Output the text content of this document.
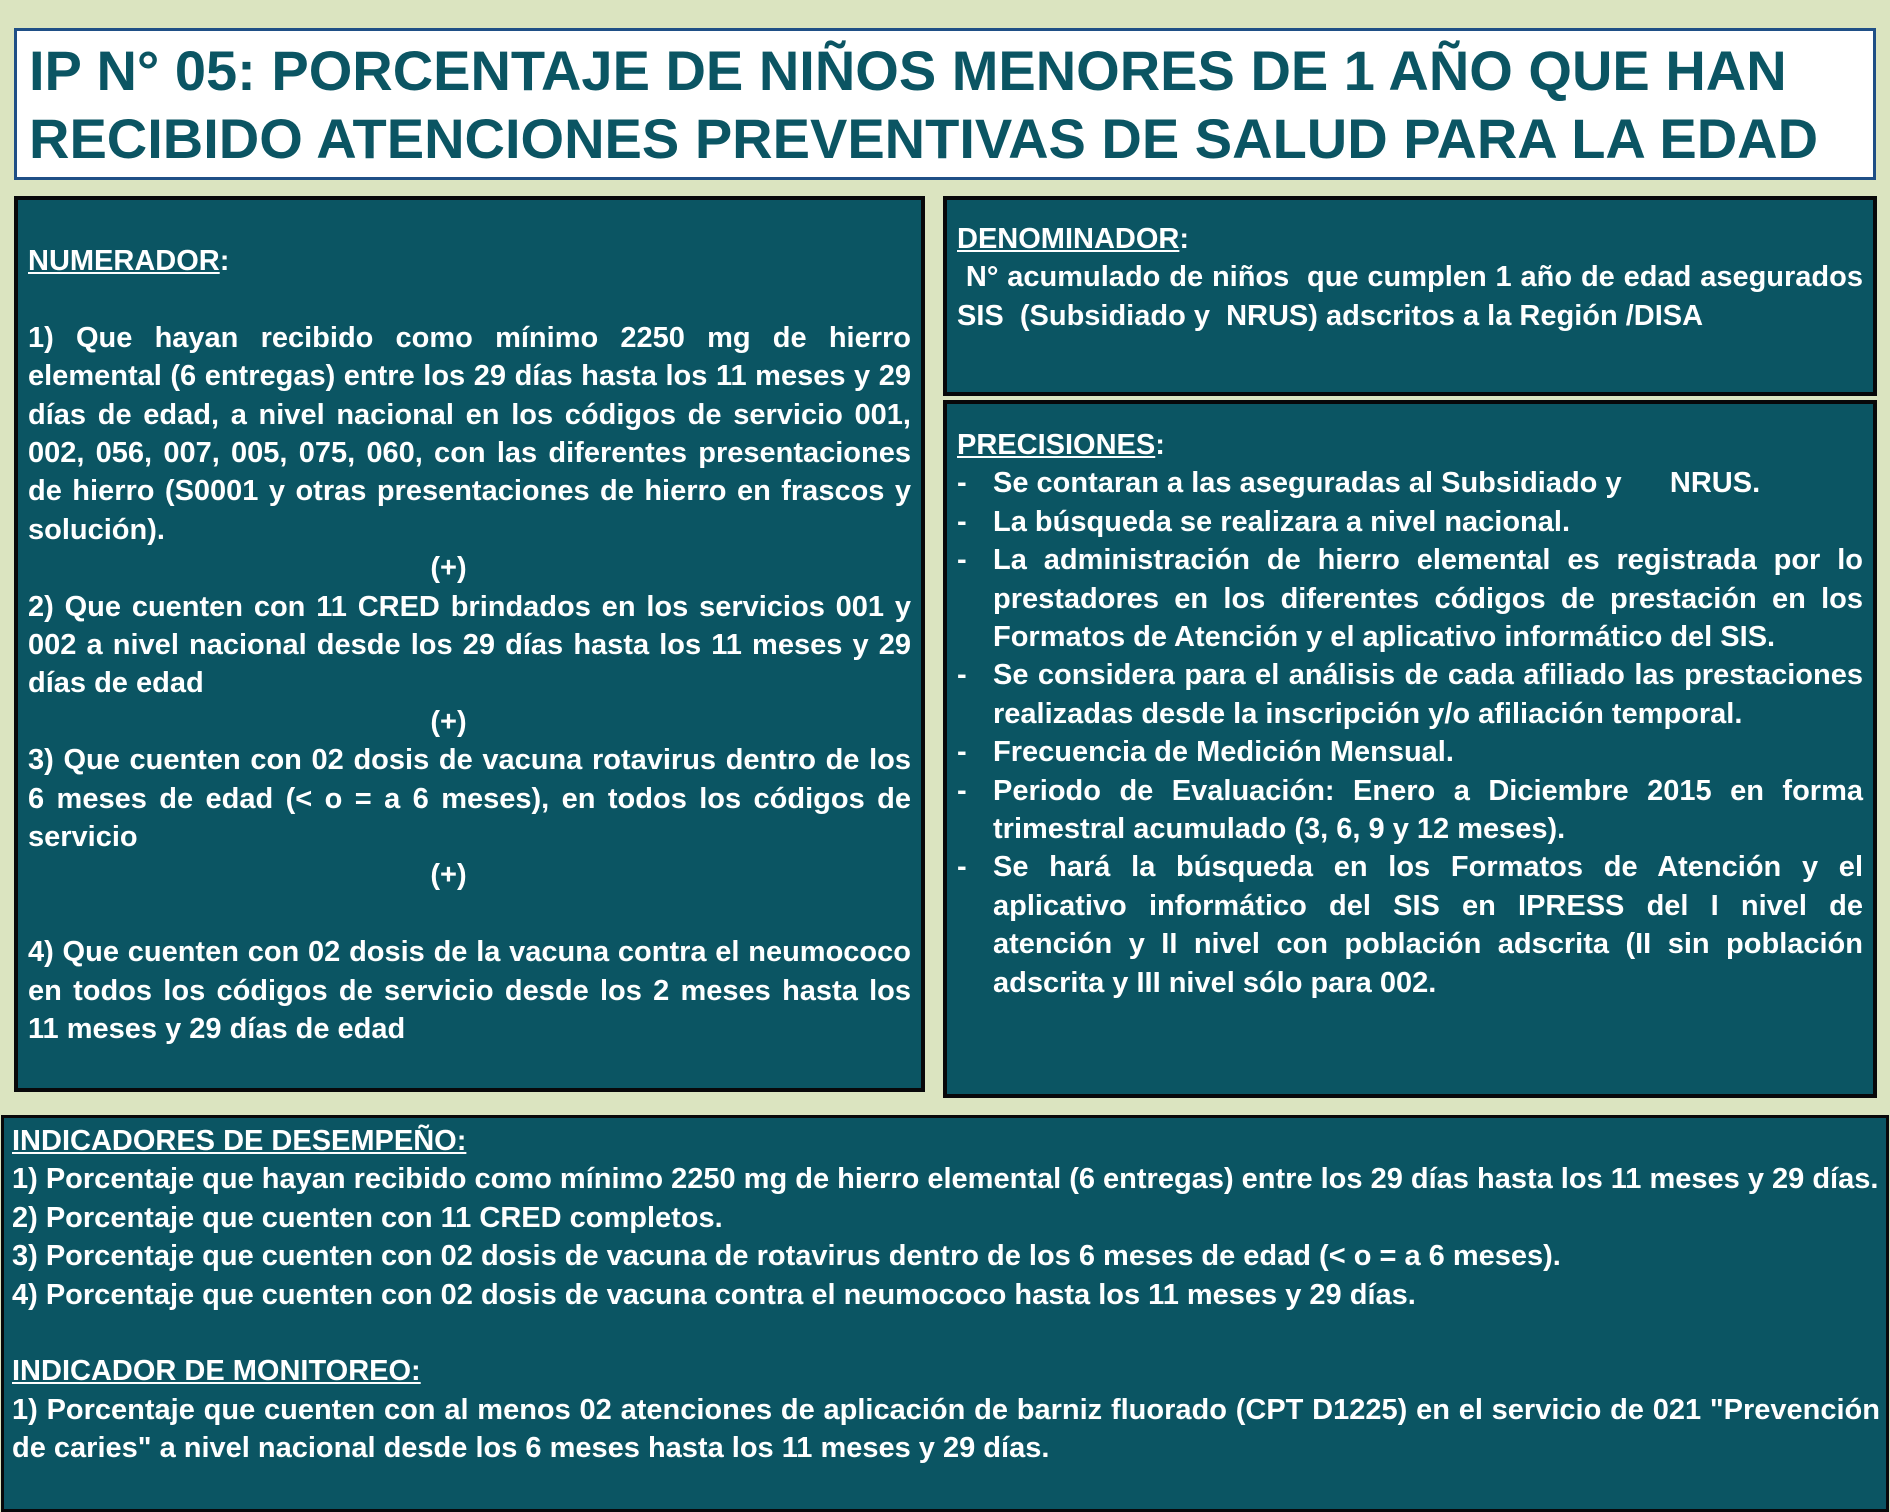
IP N° 05: PORCENTAJE DE NIÑOS MENORES DE 1 AÑO QUE HAN
RECIBIDO ATENCIONES PREVENTIVAS DE SALUD PARA LA EDAD
NUMERADOR:

1) Que hayan recibido como mínimo 2250 mg de hierro elemental (6 entregas) entre los 29 días hasta los 11 meses y 29 días de edad, a nivel nacional en los códigos de servicio 001, 002, 056, 007, 005, 075, 060, con las diferentes presentaciones de hierro (S0001 y otras presentaciones de hierro en frascos y solución).

(+)

2) Que cuenten con 11 CRED brindados en los servicios 001 y 002 a nivel nacional desde los 29 días hasta los 11 meses y 29 días de edad

(+)

3) Que cuenten con 02 dosis de vacuna rotavirus dentro de los 6 meses de edad (< o = a 6 meses), en todos los códigos de servicio

(+)

4) Que cuenten con 02 dosis de la vacuna contra el neumococo en todos los códigos de servicio desde los 2 meses hasta los 11 meses y 29 días de edad

DENOMINADOR:

N° acumulado de niños  que cumplen 1 año de edad asegurados SIS  (Subsidiado y  NRUS) adscritos a la Región /DISA

PRECISIONES:
- Se contaran a las aseguradas al Subsidiado y      NRUS.
- La búsqueda se realizara a nivel nacional.
- La administración de hierro elemental es registrada por lo prestadores en los diferentes códigos de prestación en los Formatos de Atención y el aplicativo informático del SIS.
- Se considera para el análisis de cada afiliado las prestaciones realizadas desde la inscripción y/o afiliación temporal.
- Frecuencia de Medición Mensual.
- Periodo de Evaluación: Enero a Diciembre 2015 en forma trimestral acumulado (3, 6, 9 y 12 meses).
- Se hará la búsqueda en los Formatos de Atención y el aplicativo informático del SIS en IPRESS del I nivel de atención y II nivel con población adscrita (II sin población adscrita y III nivel sólo para 002.
INDICADORES DE DESEMPEÑO:
1) Porcentaje que hayan recibido como mínimo 2250 mg de hierro elemental (6 entregas) entre los 29 días hasta los 11 meses y 29 días.
2) Porcentaje que cuenten con 11 CRED completos.
3) Porcentaje que cuenten con 02 dosis de vacuna de rotavirus dentro de los 6 meses de edad (< o = a 6 meses).
4) Porcentaje que cuenten con 02 dosis de vacuna contra el neumococo hasta los 11 meses y 29 días.
INDICADOR DE MONITOREO:
1) Porcentaje que cuenten con al menos 02 atenciones de aplicación de barniz fluorado (CPT D1225) en el servicio de 021 "Prevención de caries" a nivel nacional desde los 6 meses hasta los 11 meses y 29 días.
